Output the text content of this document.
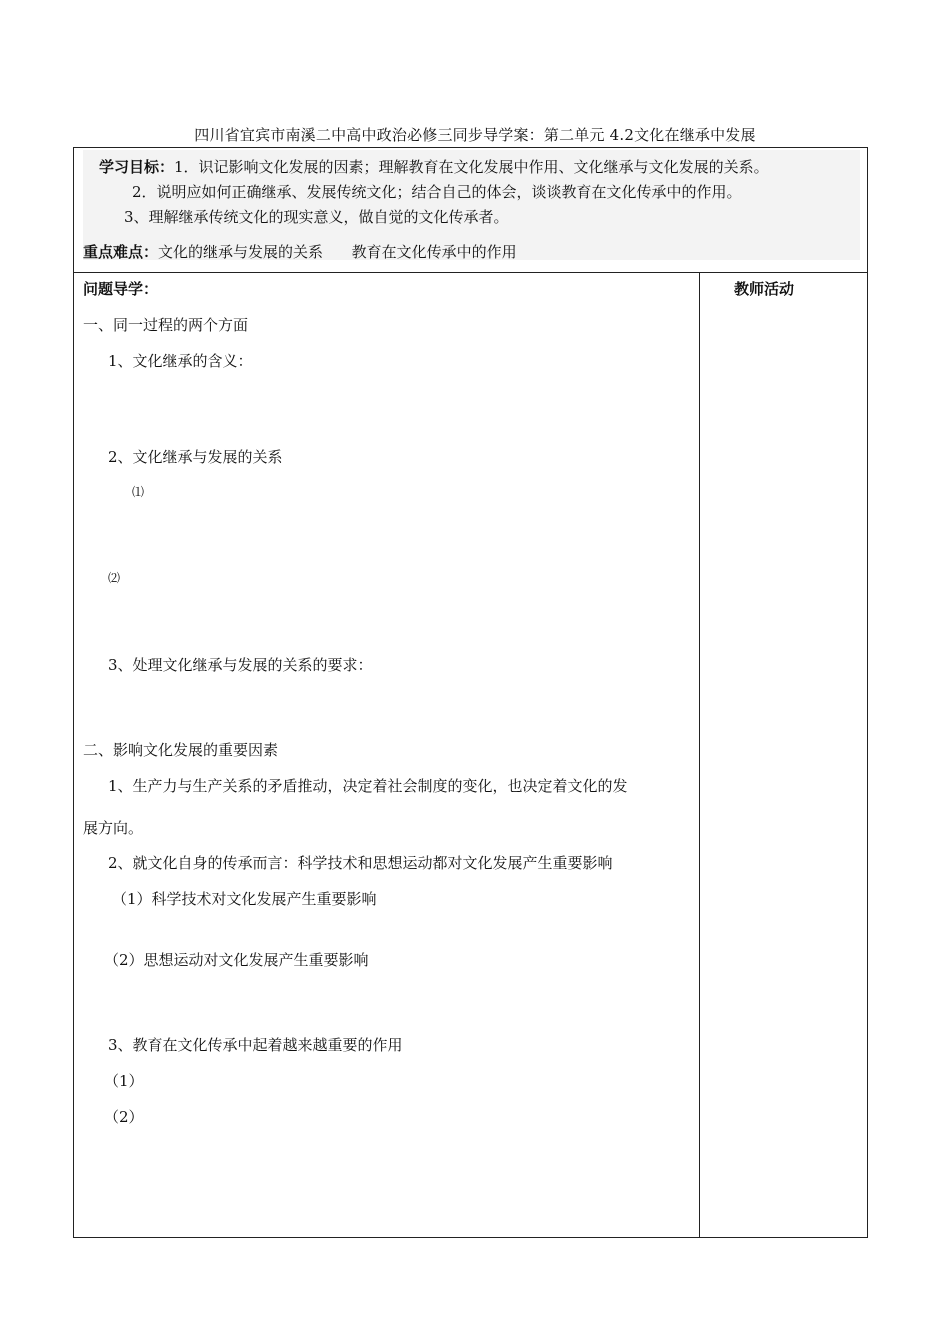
四川省宜宾市南溪二中高中政治必修三同步导学案：第二单元 4.2文化在继承中发展
学习目标：1．识记影响文化发展的因素；理解教育在文化发展中作用、文化继承与文化发展的关系。
2．说明应如何正确继承、发展传统文化；结合自己的体会，谈谈教育在文化传承中的作用。
3、理解继承传统文化的现实意义，做自觉的文化传承者。
重点难点：文化的继承与发展的关系      教育在文化传承中的作用
问题导学：	教师活动
一、同一过程的两个方面
1、文化继承的含义：
2、文化继承与发展的关系
⑴
⑵
3、处理文化继承与发展的关系的要求：
二、影响文化发展的重要因素
1、生产力与生产关系的矛盾推动，决定着社会制度的变化，也决定着文化的发
展方向。
2、就文化自身的传承而言：科学技术和思想运动都对文化发展产生重要影响
（1）科学技术对文化发展产生重要影响
（2）思想运动对文化发展产生重要影响
3、教育在文化传承中起着越来越重要的作用
（1）
（2）
